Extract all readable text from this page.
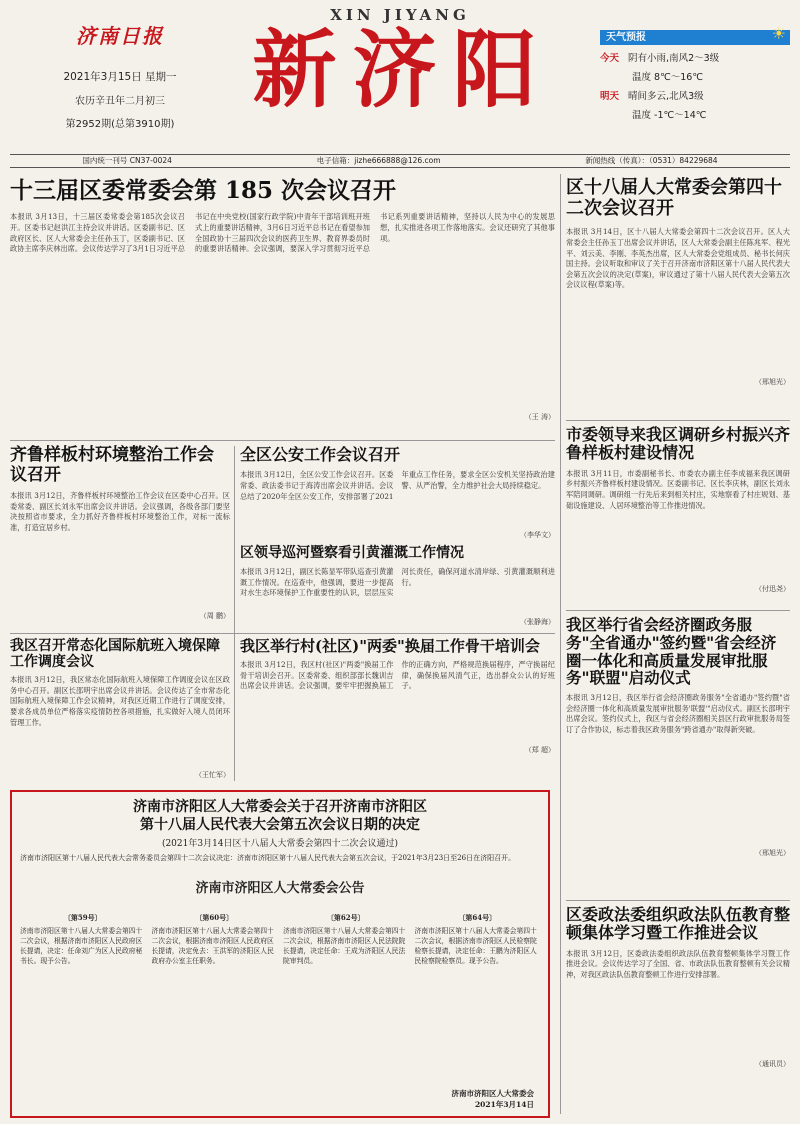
济南日报
2021年3月15日 星期一
农历辛丑年二月初三
第2952期(总第3910期)
XIN JIYANG
新济阳	天气预报	☀
今天 阴有小雨,南风2～3级
温度 8℃～16℃
明天 晴间多云,北风3级
温度 -1℃～14℃
国内统一刊号 CN37-0024	电子信箱：jizhe666888@126.com	新闻热线（传真）：（0531）84229684
十三届区委常委会第 185 次会议召开
本报讯 3月13日，十三届区委常委会第185次会议召开。区委书记赵洪江主持会议并讲话。区委副书记、区政府区长、区人大常委会主任孙玉丁，区委副书记、区政协主席李庆林出席。会议传达学习了3月1日习近平总书记在中央党校(国家行政学院)中青年干部培训班开班式上的重要讲话精神，3月6日习近平总书记在看望参加全国政协十三届四次会议的医药卫生界、教育界委员时的重要讲话精神。会议强调，要深入学习贯彻习近平总书记系列重要讲话精神，坚持以人民为中心的发展思想，扎实推进各项工作落地落实。会议还研究了其他事项。
（王 涛）
区十八届人大常委会第四十二次会议召开
本报讯 3月14日，区十八届人大常委会第四十二次会议召开。区人大常委会主任孙玉丁出席会议并讲话，区人大常委会副主任陈兆军、程光平、刘云美、李刚、李英杰出席，区人大常委会党组成员、秘书长何庆国主持。会议听取和审议了关于召开济南市济阳区第十八届人民代表大会第五次会议的决定(草案)，审议通过了第十八届人民代表大会第五次会议议程(草案)等。
（邢旭光）
齐鲁样板村环境整治工作会议召开
本报讯 3月12日，齐鲁样板村环境整治工作会议在区委中心召开。区委常委、副区长刘永军出席会议并讲话。会议强调，各级各部门要坚决按照省市要求，全力抓好齐鲁样板村环境整治工作，对标一流标准，打造宜居乡村。
（周 鹏）
全区公安工作会议召开
本报讯 3月12日，全区公安工作会议召开。区委常委、政法委书记于海涛出席会议并讲话。会议总结了2020年全区公安工作，安排部署了2021年重点工作任务，要求全区公安机关坚持政治建警、从严治警，全力维护社会大局持续稳定。
（李华文）
区领导巡河暨察看引黄灌溉工作情况
本报讯 3月12日，副区长陈显军带队巡查引黄灌溉工作情况。在巡查中，他强调，要进一步提高对水生态环境保护工作重要性的认识，层层压实河长责任，确保河道水清岸绿、引黄灌溉顺利进行。
（张静海）
我区召开常态化国际航班入境保障工作调度会议
本报讯 3月12日，我区常态化国际航班入境保障工作调度会议在区政务中心召开。副区长邵明宇出席会议并讲话。会议传达了全市常态化国际航班入境保障工作会议精神，对我区近期工作进行了调度安排，要求各成员单位严格落实疫情防控各项措施，扎实做好入境人员闭环管理工作。
（王忙军）
我区举行村(社区)"两委"换届工作骨干培训会
本报讯 3月12日，我区村(社区)"两委"换届工作骨干培训会召开。区委常委、组织部部长魏训吉出席会议并讲话。会议强调，要牢牢把握换届工作的正确方向，严格规范换届程序，严守换届纪律，确保换届风清气正，选出群众公认的好班子。
（郑 超）
市委领导来我区调研乡村振兴齐鲁样板村建设情况
本报讯 3月11日，市委副秘书长、市委农办副主任李成福来我区调研乡村振兴齐鲁样板村建设情况。区委副书记、区长李庆林，副区长刘永军陪同调研。调研组一行先后来到相关村庄，实地察看了村庄规划、基础设施建设、人居环境整治等工作推进情况。
（付迅尧）
我区举行省会经济圈政务服务"全省通办"签约暨"省会经济圈一体化和高质量发展审批服务"联盟"启动仪式
本报讯 3月12日，我区举行省会经济圈政务服务"全省通办"签约暨"省会经济圈一体化和高质量发展审批服务'联盟'"启动仪式。副区长邵明宇出席会议。签约仪式上，我区与省会经济圈相关县区行政审批服务局签订了合作协议，标志着我区政务服务"跨省通办"取得新突破。
（邢旭光）
区委政法委组织政法队伍教育整顿集体学习暨工作推进会议
本报讯 3月12日，区委政法委组织政法队伍教育整顿集体学习暨工作推进会议。会议传达学习了全国、省、市政法队伍教育整顿有关会议精神，对我区政法队伍教育整顿工作进行安排部署。
（通讯员）
济南市济阳区人大常委会关于召开济南市济阳区
第十八届人民代表大会第五次会议日期的决定
(2021年3月14日区十八届人大常委会第四十二次会议通过)
济南市济阳区第十八届人民代表大会常务委员会第四十二次会议决定：济南市济阳区第十八届人民代表大会第五次会议，于2021年3月23日至26日在济阳召开。
济南市济阳区人大常委会公告
〔第59号〕
济南市济阳区第十八届人大常委会第四十二次会议，根据济南市济阳区人民政府区长提请，决定：任命刘广为区人民政府秘书长。现予公告。
〔第60号〕
济南市济阳区第十八届人大常委会第四十二次会议，根据济南市济阳区人民政府区长提请，决定免去：王洪军的济阳区人民政府办公室主任职务。
〔第62号〕
济南市济阳区第十八届人大常委会第四十二次会议，根据济南市济阳区人民法院院长提请，决定任命：王成为济阳区人民法院审判员。
〔第64号〕
济南市济阳区第十八届人大常委会第四十二次会议，根据济南市济阳区人民检察院检察长提请，决定任命：王鹏为济阳区人民检察院检察员。现予公告。
济南市济阳区人大常委会
2021年3月14日
